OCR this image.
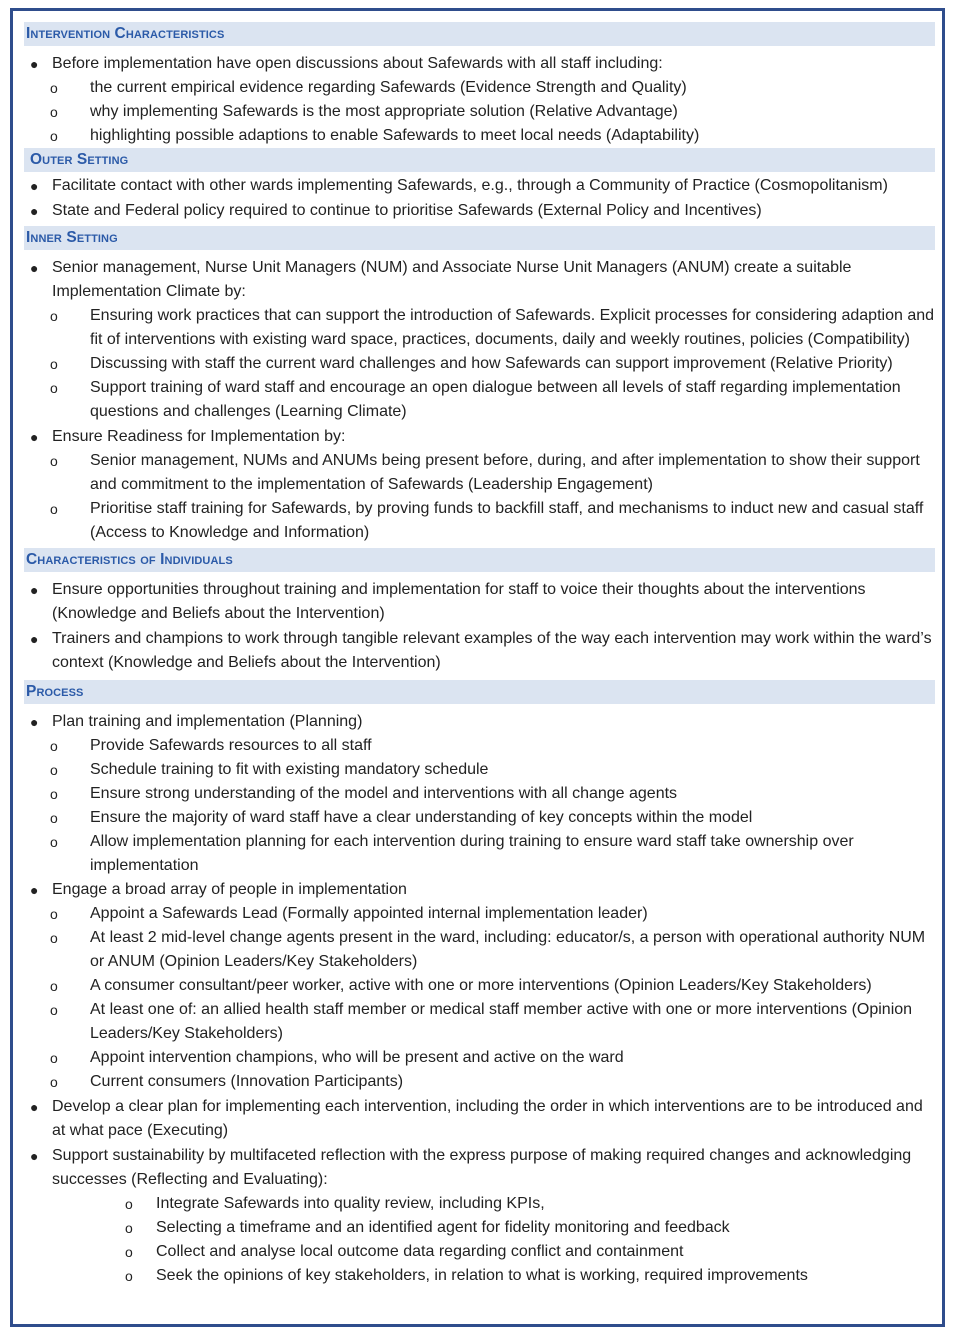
Intervention Characteristics
● Before implementation have open discussions about Safewards with all staff including:
o the current empirical evidence regarding Safewards (Evidence Strength and Quality)
o why implementing Safewards is the most appropriate solution (Relative Advantage)
o highlighting possible adaptions to enable Safewards to meet local needs (Adaptability)
Outer Setting
● Facilitate contact with other wards implementing Safewards, e.g., through a Community of Practice (Cosmopolitanism)
● State and Federal policy required to continue to prioritise Safewards (External Policy and Incentives)
Inner Setting
● Senior management, Nurse Unit Managers (NUM) and Associate Nurse Unit Managers (ANUM) create a suitable Implementation Climate by:
o Ensuring work practices that can support the introduction of Safewards. Explicit processes for considering adaption and fit of interventions with existing ward space, practices, documents, daily and weekly routines, policies (Compatibility)
o Discussing with staff the current ward challenges and how Safewards can support improvement (Relative Priority)
o Support training of ward staff and encourage an open dialogue between all levels of staff regarding implementation questions and challenges (Learning Climate)
● Ensure Readiness for Implementation by:
o Senior management, NUMs and ANUMs being present before, during, and after implementation to show their support and commitment to the implementation of Safewards (Leadership Engagement)
o Prioritise staff training for Safewards, by proving funds to backfill staff, and mechanisms to induct new and casual staff (Access to Knowledge and Information)
Characteristics of Individuals
● Ensure opportunities throughout training and implementation for staff to voice their thoughts about the interventions (Knowledge and Beliefs about the Intervention)
● Trainers and champions to work through tangible relevant examples of the way each intervention may work within the ward’s context (Knowledge and Beliefs about the Intervention)
Process
● Plan training and implementation (Planning)
o Provide Safewards resources to all staff
o Schedule training to fit with existing mandatory schedule
o Ensure strong understanding of the model and interventions with all change agents
o Ensure the majority of ward staff have a clear understanding of key concepts within the model
o Allow implementation planning for each intervention during training to ensure ward staff take ownership over implementation
● Engage a broad array of people in implementation
o Appoint a Safewards Lead (Formally appointed internal implementation leader)
o At least 2 mid-level change agents present in the ward, including: educator/s, a person with operational authority NUM or ANUM (Opinion Leaders/Key Stakeholders)
o A consumer consultant/peer worker, active with one or more interventions (Opinion Leaders/Key Stakeholders)
o At least one of: an allied health staff member or medical staff member active with one or more interventions (Opinion Leaders/Key Stakeholders)
o Appoint intervention champions, who will be present and active on the ward
o Current consumers (Innovation Participants)
● Develop a clear plan for implementing each intervention, including the order in which interventions are to be introduced and at what pace (Executing)
● Support sustainability by multifaceted reflection with the express purpose of making required changes and acknowledging successes (Reflecting and Evaluating):
o Integrate Safewards into quality review, including KPIs,
o Selecting a timeframe and an identified agent for fidelity monitoring and feedback
o Collect and analyse local outcome data regarding conflict and containment
o Seek the opinions of key stakeholders, in relation to what is working, required improvements
